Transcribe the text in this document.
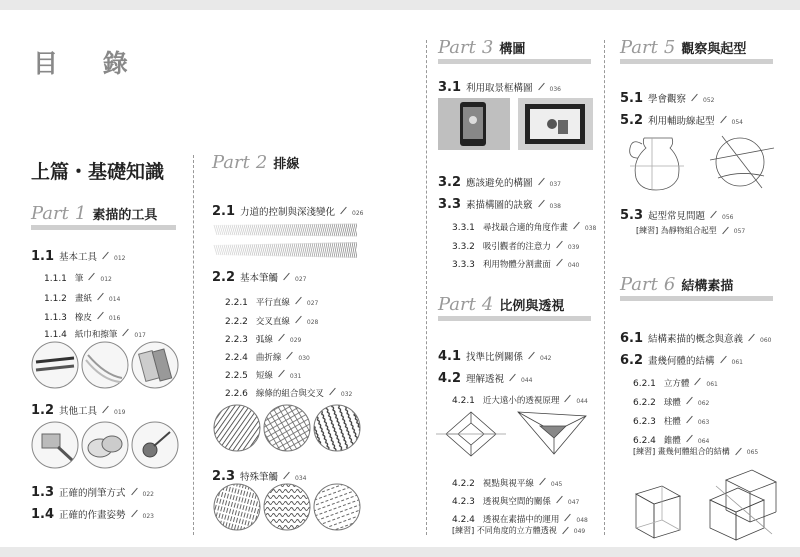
目 錄
上篇・基礎知識
Part 1 素描的工具
Part 2 排線
Part 3 構圖
Part 4 比例與透視
Part 5 觀察與起型
Part 6 結構素描
1.1 基本工具	012
1.1.1 筆	012
1.1.2 畫紙	014
1.1.3 橡皮	016
1.1.4 紙巾和擦筆	017
1.2 其他工具	019
1.3 正確的削筆方式	022
1.4 正確的作畫姿勢	023
2.1 力道的控制與深淺變化	026
2.2 基本筆觸	027
2.2.1 平行直線	027
2.2.2 交叉直線	028
2.2.3 弧線	029
2.2.4 曲折線	030
2.2.5 短線	031
2.2.6 線條的組合與交叉	032
2.3 特殊筆觸	034
3.1 利用取景框構圖	036
3.2 應該避免的構圖	037
3.3 素描構圖的訣竅	038
3.3.1 尋找最合適的角度作畫	038
3.3.2 吸引觀者的注意力	039
3.3.3 利用物體分割畫面	040
4.1 找準比例關係	042
4.2 理解透視	044
4.2.1 近大遠小的透視原理	044
4.2.2 視點與視平線	045
4.2.3 透視與空間的關係	047
4.2.4 透視在素描中的運用	048
[練習] 不同角度的立方體透視	049
5.1 學會觀察	052
5.2 利用輔助線起型	054
5.3 起型常見問題	056
[練習] 為靜物組合起型	057
6.1 結構素描的概念與意義	060
6.2 畫幾何體的結構	061
6.2.1 立方體	061
6.2.2 球體	062
6.2.3 柱體	063
6.2.4 錐體	064
[練習] 畫幾何體組合的結構	065
